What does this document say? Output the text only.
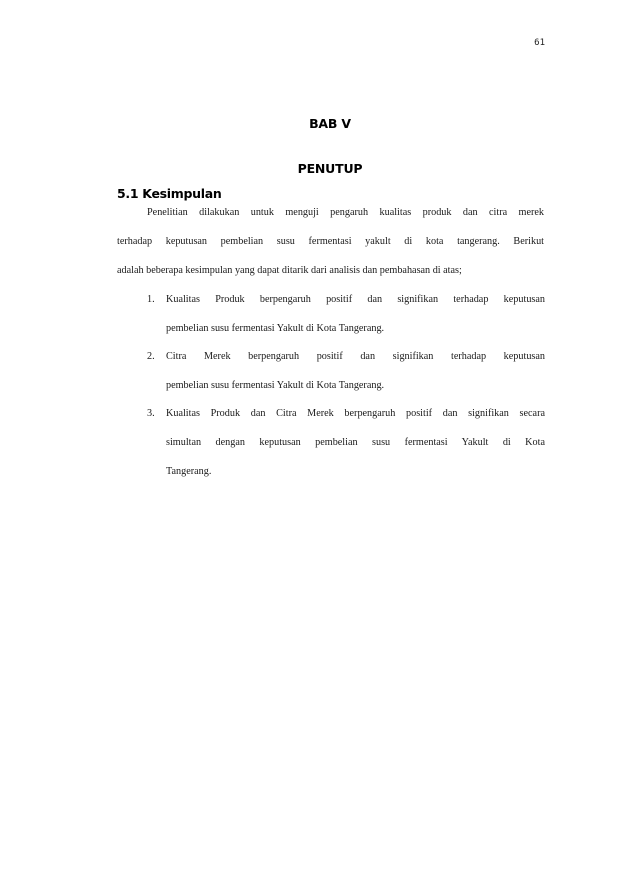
61
BAB V
PENUTUP
5.1 Kesimpulan
Penelitian dilakukan untuk menguji pengaruh kualitas produk dan citra merek
terhadap keputusan pembelian susu fermentasi yakult di kota tangerang. Berikut
adalah beberapa kesimpulan yang dapat ditarik dari analisis dan pembahasan di atas;
1. Kualitas Produk berpengaruh positif dan signifikan terhadap keputusan
pembelian susu fermentasi Yakult di Kota Tangerang.
2. Citra Merek berpengaruh positif dan signifikan terhadap keputusan
pembelian susu fermentasi Yakult di Kota Tangerang.
3. Kualitas Produk dan Citra Merek berpengaruh positif dan signifikan secara
simultan dengan keputusan pembelian susu fermentasi Yakult di Kota
Tangerang.
